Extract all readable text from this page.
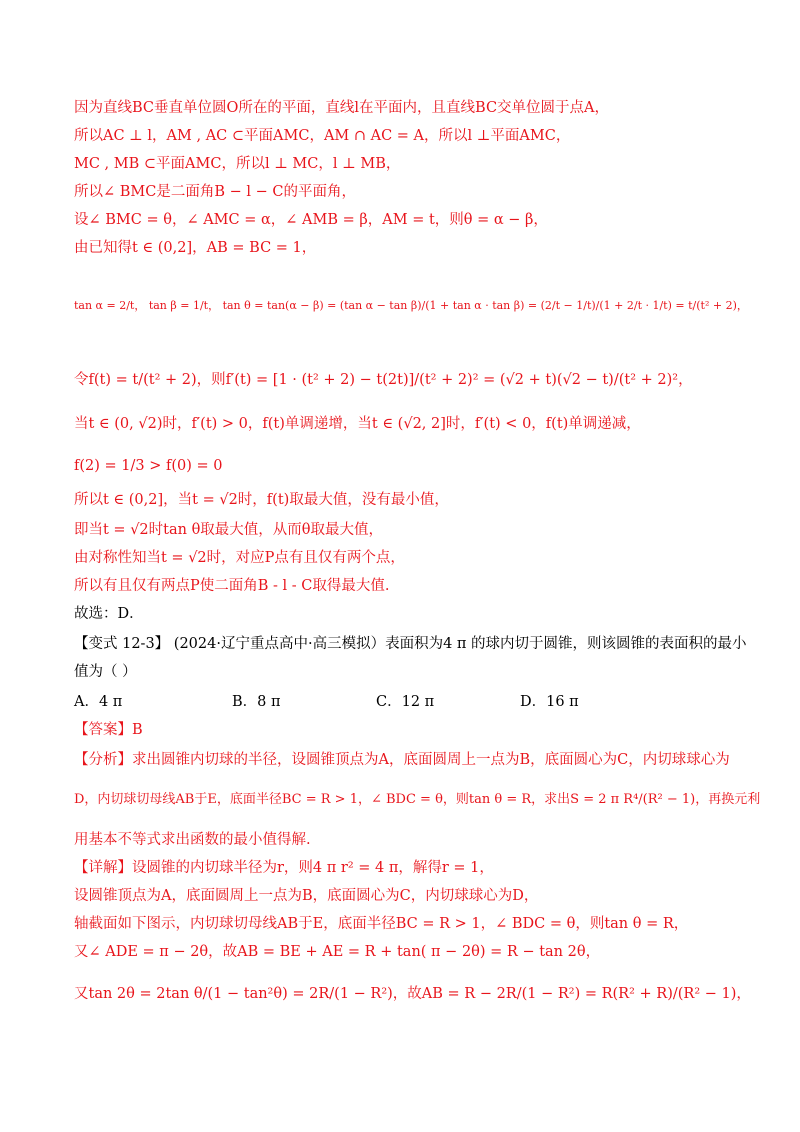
因为直线BC垂直单位圆O所在的平面，直线l在平面内，且直线BC交单位圆于点A，
所以AC ⊥ l，AM , AC ⊂平面AMC，AM ∩ AC = A，所以l ⊥平面AMC，
MC , MB ⊂平面AMC，所以l ⊥ MC，l ⊥ MB，
所以∠ BMC是二面角B − l − C的平面角，
设∠ BMC = θ，∠ AMC = α，∠ AMB = β，AM = t，则θ = α − β，
由已知得t ∈ (0,2]，AB = BC = 1，
tan α = 2/t， tan β = 1/t， tan θ = tan(α − β) = (tan α − tan β)/(1 + tan α · tan β) = (2/t − 1/t)/(1 + 2/t · 1/t) = t/(t² + 2)，
令f(t) = t/(t² + 2)，则f′(t) = [1 · (t² + 2) − t(2t)]/(t² + 2)² = (√2 + t)(√2 − t)/(t² + 2)²，
当t ∈ (0, √2)时，f′(t) > 0，f(t)单调递增，当t ∈ (√2, 2]时，f′(t) < 0，f(t)单调递减，
f(2) = 1/3 > f(0) = 0
所以t ∈ (0,2]，当t = √2时，f(t)取最大值，没有最小值，
即当t = √2时tan θ取最大值，从而θ取最大值，
由对称性知当t = √2时，对应P点有且仅有两个点，
所以有且仅有两点P使二面角B - l - C取得最大值.
故选：D．
【变式 12-3】 (2024·辽宁重点高中·高三模拟）表面积为4 π 的球内切于圆锥，则该圆锥的表面积的最小
值为（ ）
A．4 π	B．8 π	C．12 π	D．16 π
【答案】B
【分析】求出圆锥内切球的半径，设圆锥顶点为A，底面圆周上一点为B，底面圆心为C，内切球球心为
D，内切球切母线AB于E，底面半径BC = R > 1，∠ BDC = θ，则tan θ = R，求出S = 2 π R⁴/(R² − 1)，再换元利
用基本不等式求出函数的最小值得解.
【详解】设圆锥的内切球半径为r，则4 π r² = 4 π，解得r = 1，
设圆锥顶点为A，底面圆周上一点为B，底面圆心为C，内切球球心为D，
轴截面如下图示，内切球切母线AB于E，底面半径BC = R > 1，∠ BDC = θ，则tan θ = R，
又∠ ADE = π − 2θ，故AB = BE + AE = R + tan( π − 2θ) = R − tan 2θ，
又tan 2θ = 2tan θ/(1 − tan²θ) = 2R/(1 − R²)，故AB = R − 2R/(1 − R²) = R(R² + R)/(R² − 1)，
